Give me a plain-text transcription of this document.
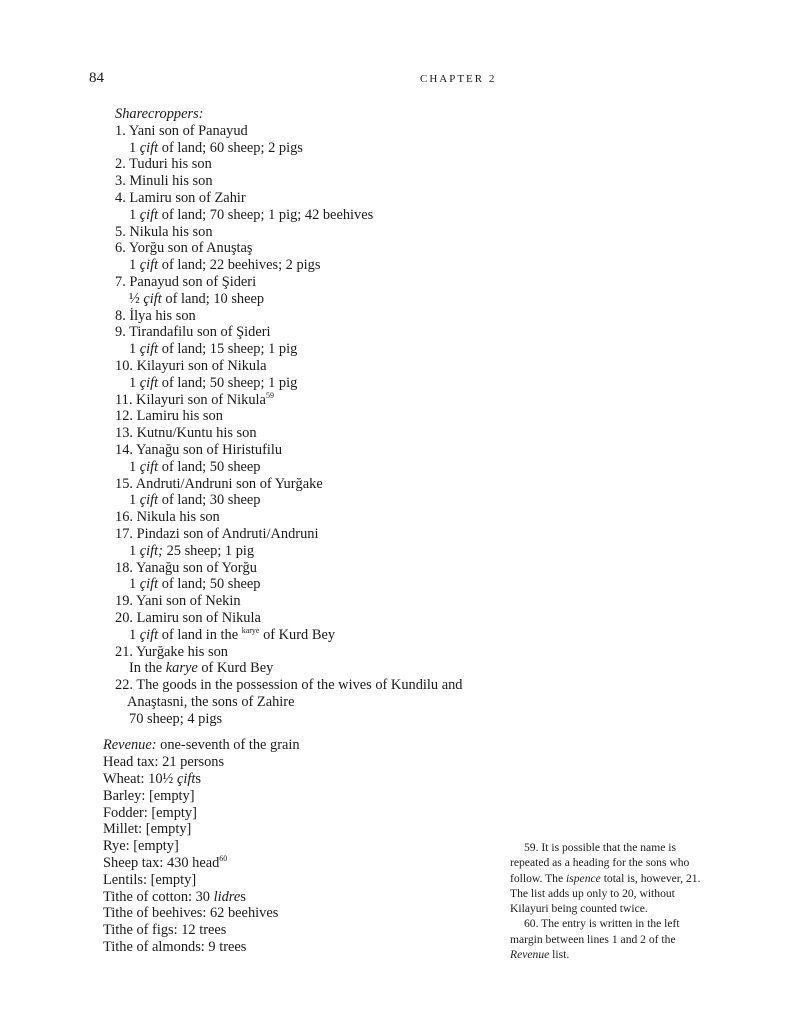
84	CHAPTER 2
Sharecroppers:
1. Yani son of Panayud
1 çift of land; 60 sheep; 2 pigs
2. Tuduri his son
3. Minuli his son
4. Lamiru son of Zahir
1 çift of land; 70 sheep; 1 pig; 42 beehives
5. Nikula his son
6. Yorğu son of Anuştaş
1 çift of land; 22 beehives; 2 pigs
7. Panayud son of Şideri
½ çift of land; 10 sheep
8. İlya his son
9. Tirandafilu son of Şideri
1 çift of land; 15 sheep; 1 pig
10. Kilayuri son of Nikula
1 çift of land; 50 sheep; 1 pig
11. Kilayuri son of Nikula$^{59}$
12. Lamiru his son
13. Kutnu/Kuntu his son
14. Yanağu son of Hiristufilu
1 çift of land; 50 sheep
15. Andruti/Andruni son of Yurğake
1 çift of land; 30 sheep
16. Nikula his son
17. Pindazi son of Andruti/Andruni
1 çift; 25 sheep; 1 pig
18. Yanağu son of Yorğu
1 çift of land; 50 sheep
19. Yani son of Nekin
20. Lamiru son of Nikula
1 çift of land in the $^{karye}$ of Kurd Bey
21. Yurğake his son
In the karye of Kurd Bey
22. The goods in the possession of the wives of Kundilu and
Anaştasni, the sons of Zahire
70 sheep; 4 pigs
Revenue: one-seventh of the grain
Head tax: 21 persons
Wheat: 10½ çifts
Barley: [empty]
Fodder: [empty]
Millet: [empty]
Rye: [empty]
Sheep tax: 430 head$^{60}$
Lentils: [empty]
Tithe of cotton: 30 lidres
Tithe of beehives: 62 beehives
Tithe of figs: 12 trees
Tithe of almonds: 9 trees
59. It is possible that the name is repeated as a heading for the sons who follow. The ispence total is, however, 21. The list adds up only to 20, without Kilayuri being counted twice.
60. The entry is written in the left margin between lines 1 and 2 of the Revenue list.
